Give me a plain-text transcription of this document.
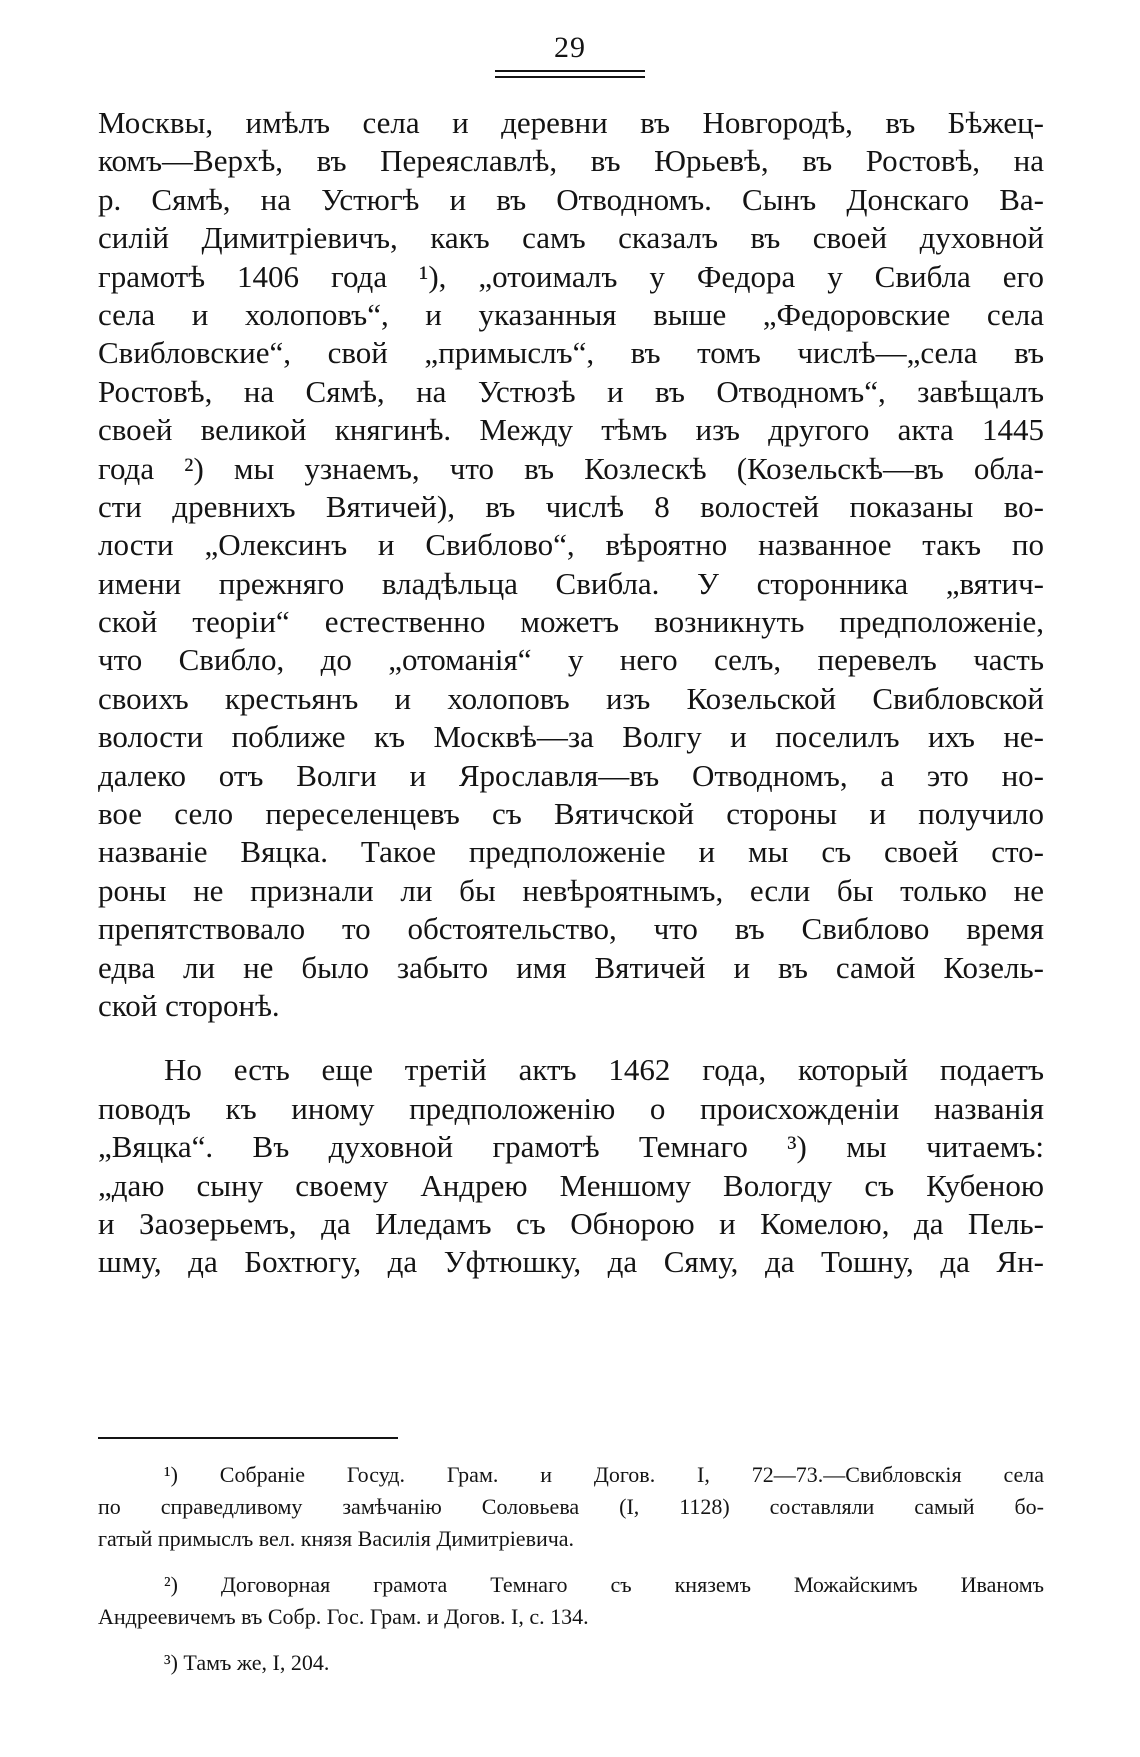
29
Москвы, имѣлъ села и деревни въ Новгородѣ, въ Бѣжец-
комъ—Верхѣ, въ Переяславлѣ, въ Юрьевѣ, въ Ростовѣ, на
р. Сямѣ, на Устюгѣ и въ Отводномъ. Сынъ Донскаго Ва-
силій Димитріевичъ, какъ самъ сказалъ въ своей духовной
грамотѣ 1406 года ¹), „отоималъ у Федора у Свибла его
села и холоповъ“, и указанныя выше „Федоровские села
Свибловские“, свой „примыслъ“, въ томъ числѣ—„села въ
Ростовѣ, на Сямѣ, на Устюзѣ и въ Отводномъ“, завѣщалъ
своей великой княгинѣ. Между тѣмъ изъ другого акта 1445
года ²) мы узнаемъ, что въ Козлескѣ (Козельскѣ—въ обла-
сти древнихъ Вятичей), въ числѣ 8 волостей показаны во-
лости „Олексинъ и Свиблово“, вѣроятно названное такъ по
имени прежняго владѣльца Свибла. У сторонника „вятич-
ской теоріи“ естественно можетъ возникнуть предположеніе,
что Свибло, до „отоманія“ у него селъ, перевелъ часть
своихъ крестьянъ и холоповъ изъ Козельской Свибловской
волости поближе къ Москвѣ—за Волгу и поселилъ ихъ не-
далеко отъ Волги и Ярославля—въ Отводномъ, а это но-
вое село переселенцевъ съ Вятичской стороны и получило
названіе Вяцка. Такое предположеніе и мы съ своей сто-
роны не признали ли бы невѣроятнымъ, если бы только не
препятствовало то обстоятельство, что въ Свиблово время
едва ли не было забыто имя Вятичей и въ самой Козель-
ской сторонѣ.
Но есть еще третій актъ 1462 года, который подаетъ
поводъ къ иному предположенію о происхожденіи названія
„Вяцка“. Въ духовной грамотѣ Темнаго ³) мы читаемъ:
„даю сыну своему Андрею Меншому Вологду съ Кубеною
и Заозерьемъ, да Иледамъ съ Обнорою и Комелою, да Пель-
шму, да Бохтюгу, да Уфтюшку, да Сяму, да Тошну, да Ян-
¹) Собраніе Госуд. Грам. и Догов. I, 72—73.—Свибловскія села
по справедливому замѣчанію Соловьева (I, 1128) составляли самый бо-
гатый примыслъ вел. князя Василія Димитріевича.
²) Договорная грамота Темнаго съ княземъ Можайскимъ Иваномъ
Андреевичемъ въ Собр. Гос. Грам. и Догов. I, с. 134.
³) Тамъ же, I, 204.
